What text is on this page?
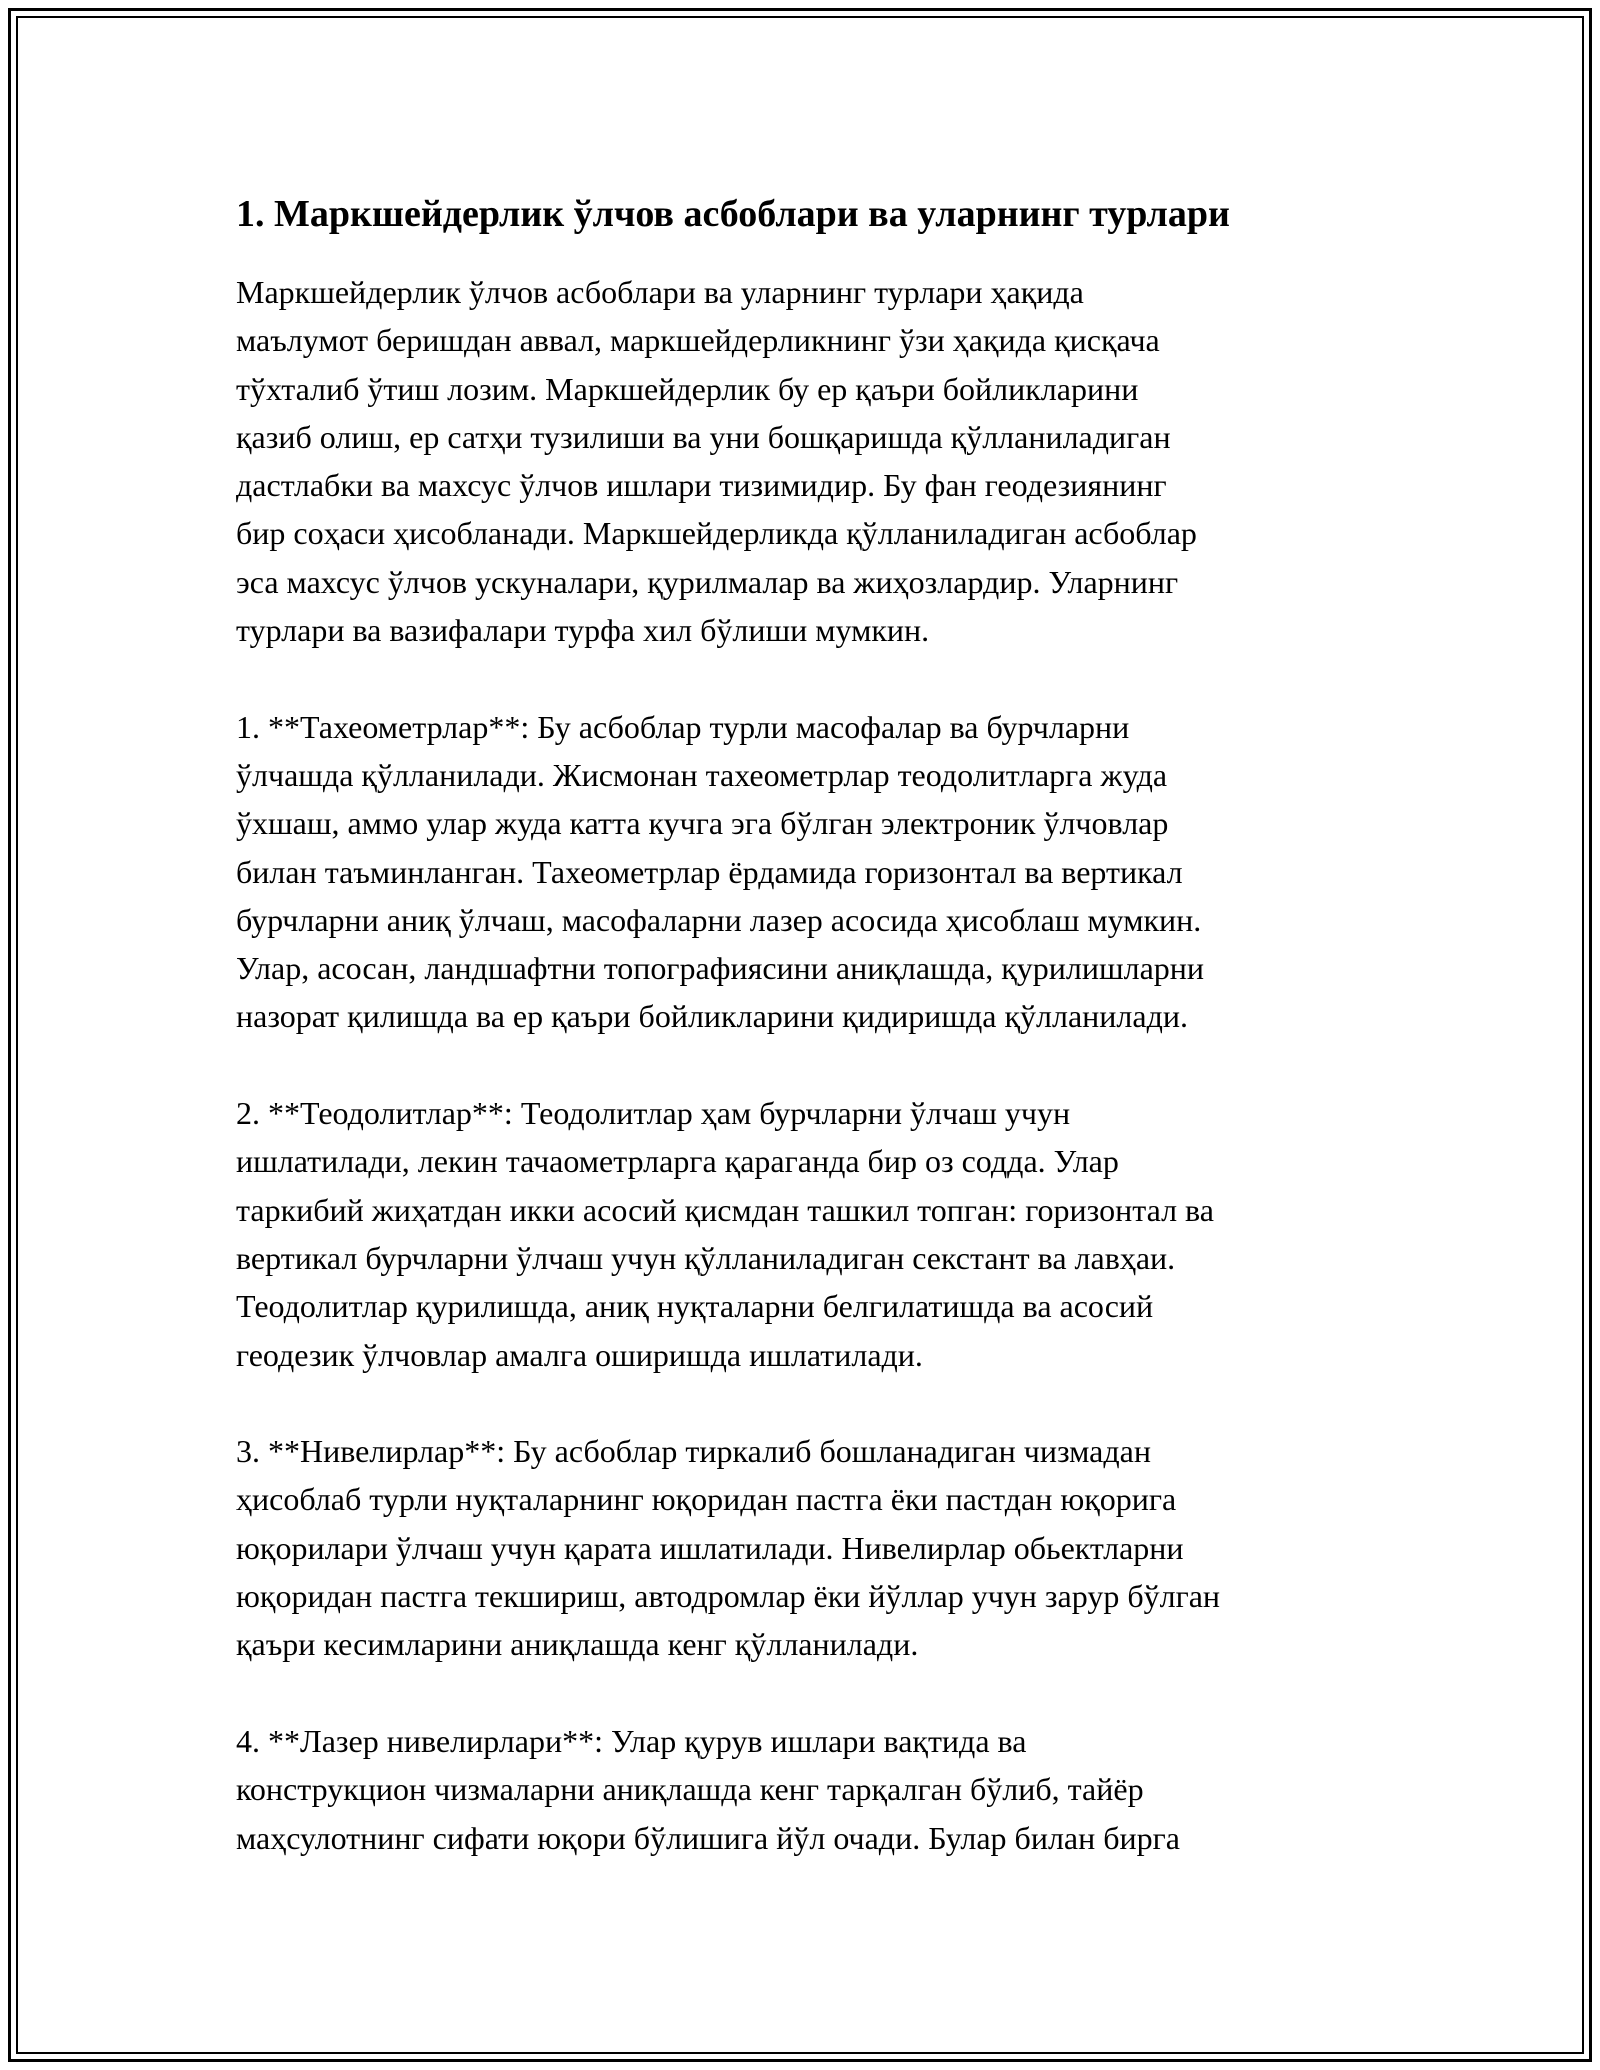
1. Маркшейдерлик ўлчов асбоблари ва уларнинг турлари

Маркшейдерлик ўлчов асбоблари ва уларнинг турлари ҳақида
маълумот беришдан аввал, маркшейдерликнинг ўзи ҳақида қисқача
тўхталиб ўтиш лозим. Маркшейдерлик бу ер қаъри бойликларини
қазиб олиш, ер сатҳи тузилиши ва уни бошқаришда қўлланиладиган
дастлабки ва махсус ўлчов ишлари тизимидир. Бу фан геодезиянинг
бир соҳаси ҳисобланади. Маркшейдерликда қўлланиладиган асбоблар
эса махсус ўлчов ускуналари, қурилмалар ва жиҳозлардир. Уларнинг
турлари ва вазифалари турфа хил бўлиши мумкин.

1. **Тахеометрлар**: Бу асбоблар турли масофалар ва бурчларни
ўлчашда қўлланилади. Жисмонан тахеометрлар теодолитларга жуда
ўхшаш, аммо улар жуда катта кучга эга бўлган электроник ўлчовлар
билан таъминланган. Тахеометрлар ёрдамида горизонтал ва вертикал
бурчларни аниқ ўлчаш, масофаларни лазер асосида ҳисоблаш мумкин.
Улар, асосан, ландшафтни топографиясини аниқлашда, қурилишларни
назорат қилишда ва ер қаъри бойликларини қидиришда қўлланилади.

2. **Теодолитлар**: Теодолитлар ҳам бурчларни ўлчаш учун
ишлатилади, лекин тачаометрларга қараганда бир оз содда. Улар
таркибий жиҳатдан икки асосий қисмдан ташкил топган: горизонтал ва
вертикал бурчларни ўлчаш учун қўлланиладиган секстант ва лавҳаи.
Теодолитлар қурилишда, аниқ нуқталарни белгилатишда ва асосий
геодезик ўлчовлар амалга оширишда ишлатилади.

3. **Нивелирлар**: Бу асбоблар тиркалиб бошланадиган чизмадан
ҳисоблаб турли нуқталарнинг юқоридан пастга ёки пастдан юқорига
юқорилари ўлчаш учун қарата ишлатилади. Нивелирлар обьектларни
юқоридан пастга текшириш, автодромлар ёки йўллар учун зарур бўлган
қаъри кесимларини аниқлашда кенг қўлланилади.

4. **Лазер нивелирлари**: Улар қурув ишлари вақтида ва
конструкцион чизмаларни аниқлашда кенг тарқалган бўлиб, тайёр
маҳсулотнинг сифати юқори бўлишига йўл очади. Булар билан бирга
